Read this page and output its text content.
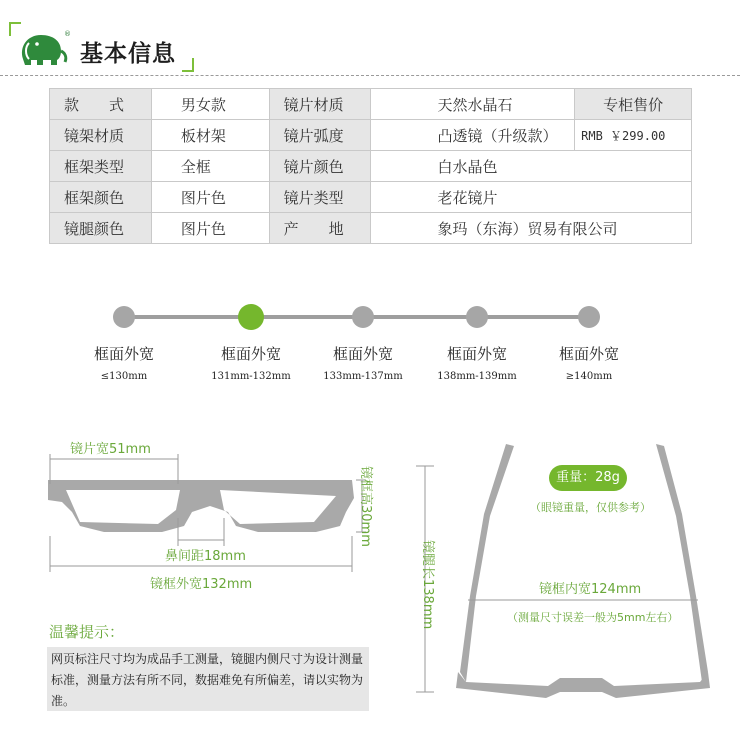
®
基本信息
款　　式	男女款	镜片材质	天然水晶石	专柜售价
镜架材质	板材架	镜片弧度	凸透镜（升级款）	RMB ￥299.00
框架类型	全框	镜片颜色	白水晶色	
框架颜色	图片色	镜片类型	老花镜片	
镜腿颜色	图片色	产　　地	象玛（东海）贸易有限公司	
框面外宽
≤130mm
框面外宽
131mm-132mm
框面外宽
133mm-137mm
框面外宽
138mm-139mm
框面外宽
≥140mm
镜片宽51mm
镜框高30mm
鼻间距18mm
镜框外宽132mm
重量：28g
（眼镜重量，仅供参考）
镜腿长138mm	镜框内宽124mm
（测量尺寸误差一般为5mm左右）
温馨提示：
网页标注尺寸均为成品手工测量，镜腿内侧尺寸为设计测量标准，测量方法有所不同，数据难免有所偏差，请以实物为准。
